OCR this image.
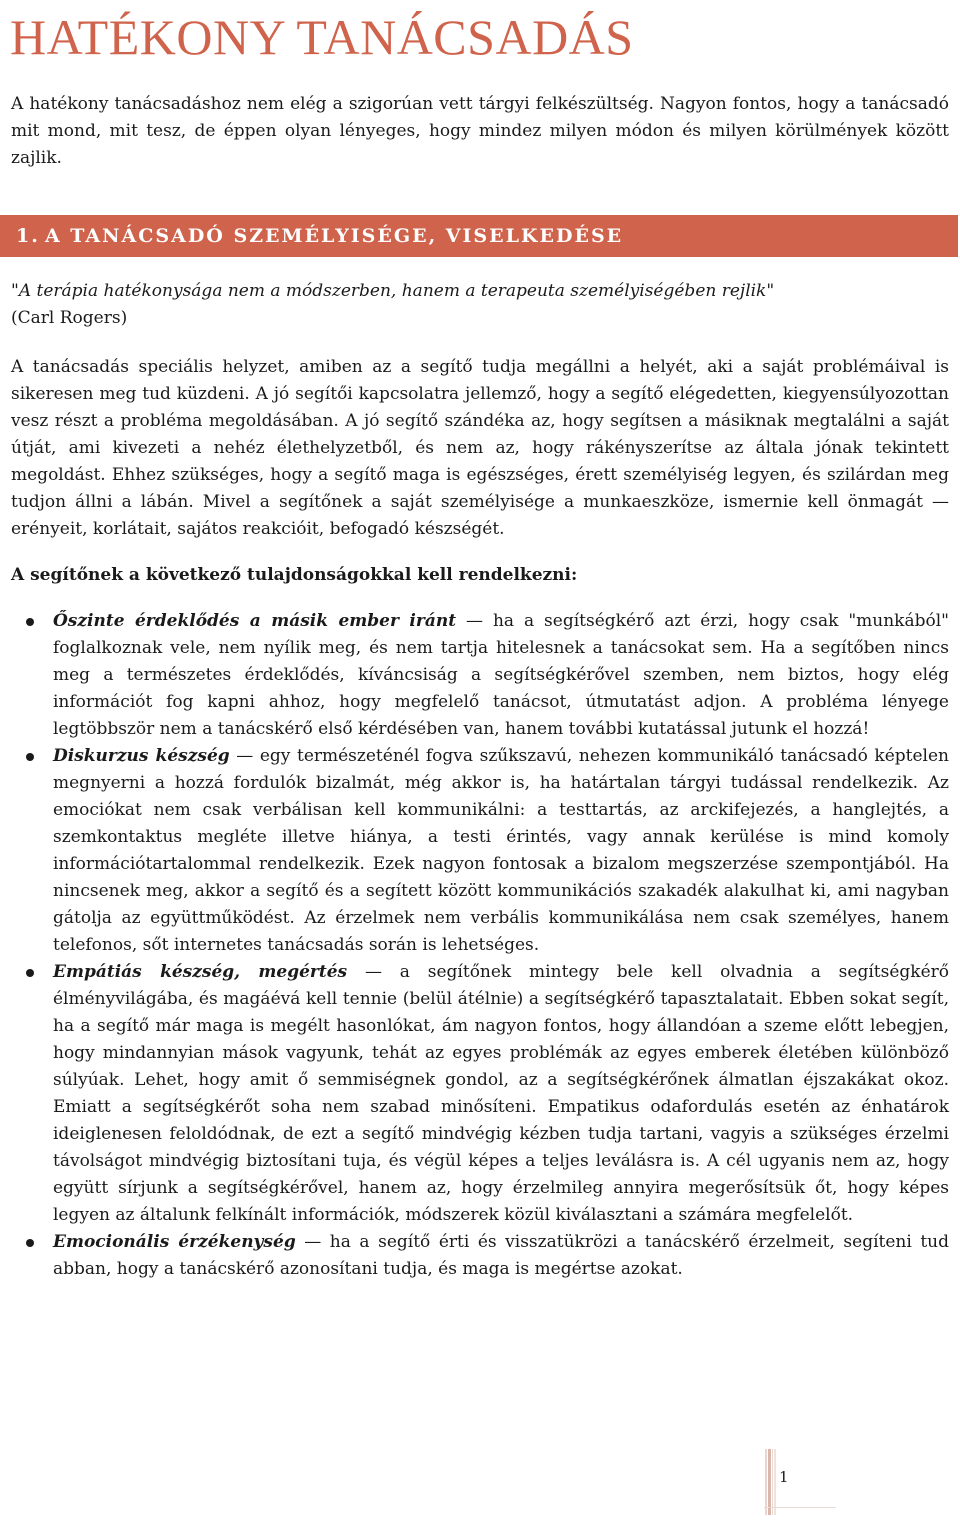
HATÉKONY TANÁCSADÁS

A hatékony tanácsadáshoz nem elég a szigorúan vett tárgyi felkészültség. Nagyon fontos, hogy a tanácsadó mit mond, mit tesz, de éppen olyan lényeges, hogy mindez milyen módon és milyen körülmények között zajlik.

1. A TANÁCSADÓ SZEMÉLYISÉGE, VISELKEDÉSE

"A terápia hatékonysága nem a módszerben, hanem a terapeuta személyiségében rejlik"

(Carl Rogers)

A tanácsadás speciális helyzet, amiben az a segítő tudja megállni a helyét, aki a saját problémáival is sikeresen meg tud küzdeni. A jó segítői kapcsolatra jellemző, hogy a segítő elégedetten, kiegyensúlyozottan vesz részt a probléma megoldásában. A jó segítő szándéka az, hogy segítsen a másiknak megtalálni a saját útját, ami kivezeti a nehéz élethelyzetből, és nem az, hogy rákényszerítse az általa jónak tekintett megoldást. Ehhez szükséges, hogy a segítő maga is egészséges, érett személyiség legyen, és szilárdan meg tudjon állni a lábán. Mivel a segítőnek a saját személyisége a munkaeszköze, ismernie kell önmagát — erényeit, korlátait, sajátos reakcióit, befogadó készségét.

A segítőnek a következő tulajdonságokkal kell rendelkezni:

Őszinte érdeklődés a másik ember iránt — ha a segítségkérő azt érzi, hogy csak "munkából" foglalkoznak vele, nem nyílik meg, és nem tartja hitelesnek a tanácsokat sem. Ha a segítőben nincs meg a természetes érdeklődés, kíváncsiság a segítségkérővel szemben, nem biztos, hogy elég információt fog kapni ahhoz, hogy megfelelő tanácsot, útmutatást adjon. A probléma lényege legtöbbször nem a tanácskérő első kérdésében van, hanem további kutatással jutunk el hozzá!
Diskurzus készség — egy természeténél fogva szűkszavú, nehezen kommunikáló tanácsadó képtelen megnyerni a hozzá fordulók bizalmát, még akkor is, ha határtalan tárgyi tudással rendelkezik. Az emociókat nem csak verbálisan kell kommunikálni: a testtartás, az arckifejezés, a hanglejtés, a szemkontaktus megléte illetve hiánya, a testi érintés, vagy annak kerülése is mind komoly információtartalommal rendelkezik. Ezek nagyon fontosak a bizalom megszerzése szempontjából. Ha nincsenek meg, akkor a segítő és a segített között kommunikációs szakadék alakulhat ki, ami nagyban gátolja az együttműködést. Az érzelmek nem verbális kommunikálása nem csak személyes, hanem telefonos, sőt internetes tanácsadás során is lehetséges.
Empátiás készség, megértés — a segítőnek mintegy bele kell olvadnia a segítségkérő élményvilágába, és magáévá kell tennie (belül átélnie) a segítségkérő tapasztalatait. Ebben sokat segít, ha a segítő már maga is megélt hasonlókat, ám nagyon fontos, hogy állandóan a szeme előtt lebegjen, hogy mindannyian mások vagyunk, tehát az egyes problémák az egyes emberek életében különböző súlyúak. Lehet, hogy amit ő semmiségnek gondol, az a segítségkérőnek álmatlan éjszakákat okoz. Emiatt a segítségkérőt soha nem szabad minősíteni. Empatikus odafordulás esetén az énhatárok ideiglenesen feloldódnak, de ezt a segítő mindvégig kézben tudja tartani, vagyis a szükséges érzelmi távolságot mindvégig biztosítani tuja, és végül képes a teljes leválásra is. A cél ugyanis nem az, hogy együtt sírjunk a segítségkérővel, hanem az, hogy érzelmileg annyira megerősítsük őt, hogy képes legyen az általunk felkínált információk, módszerek közül kiválasztani a számára megfelelőt.
Emocionális érzékenység — ha a segítő érti és visszatükrözi a tanácskérő érzelmeit, segíteni tud abban, hogy a tanácskérő azonosítani tudja, és maga is megértse azokat.
1
